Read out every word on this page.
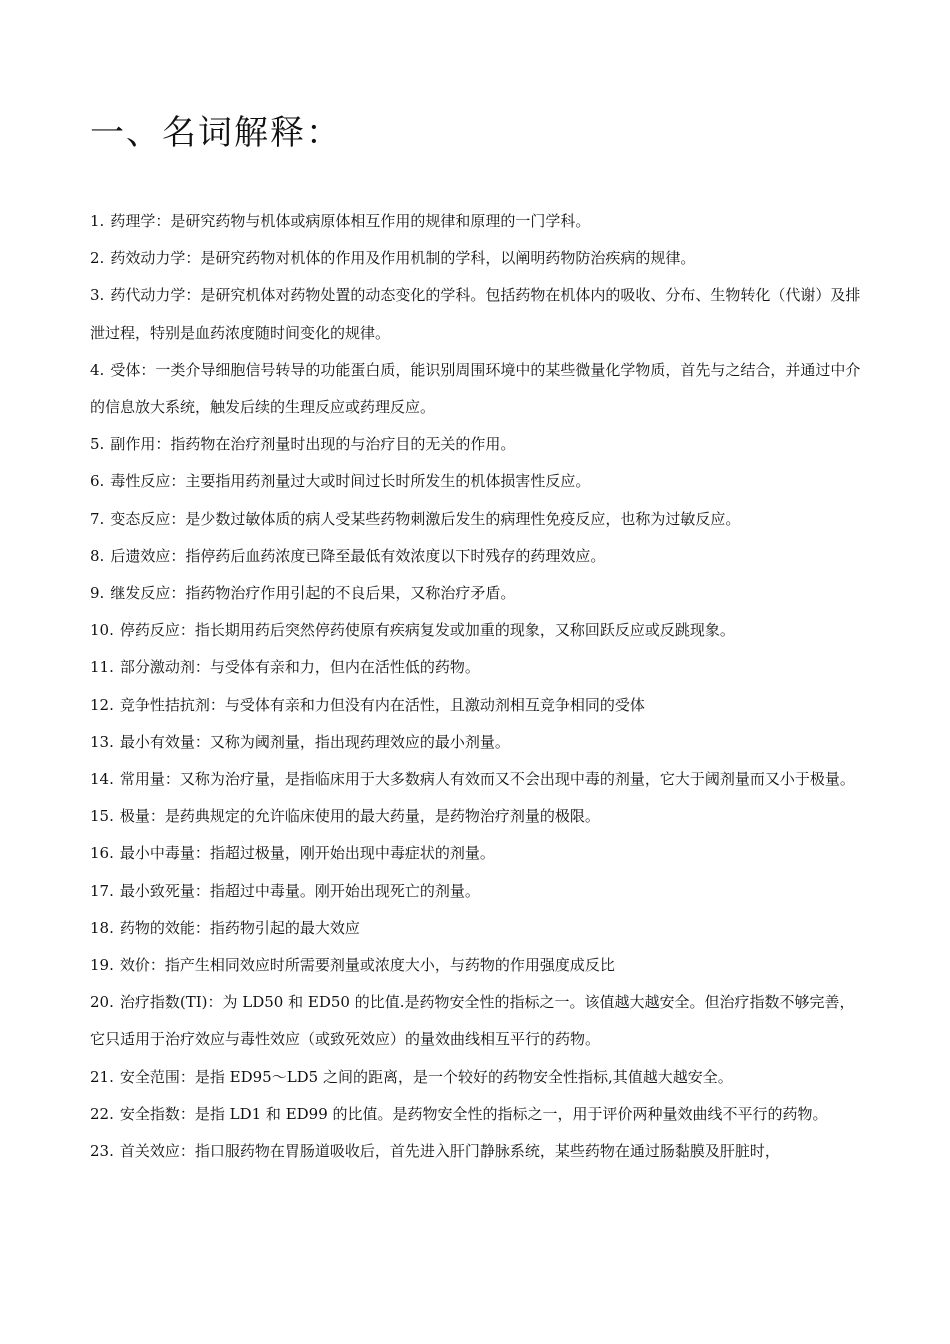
一、名词解释：
1. 药理学：是研究药物与机体或病原体相互作用的规律和原理的一门学科。
2. 药效动力学：是研究药物对机体的作用及作用机制的学科，以阐明药物防治疾病的规律。
3. 药代动力学：是研究机体对药物处置的动态变化的学科。包括药物在机体内的吸收、分布、生物转化（代谢）及排泄过程，特别是血药浓度随时间变化的规律。
4. 受体：一类介导细胞信号转导的功能蛋白质，能识别周围环境中的某些微量化学物质，首先与之结合，并通过中介的信息放大系统，触发后续的生理反应或药理反应。
5. 副作用：指药物在治疗剂量时出现的与治疗目的无关的作用。
6. 毒性反应：主要指用药剂量过大或时间过长时所发生的机体损害性反应。
7. 变态反应：是少数过敏体质的病人受某些药物刺激后发生的病理性免疫反应，也称为过敏反应。
8. 后遗效应：指停药后血药浓度已降至最低有效浓度以下时残存的药理效应。
9. 继发反应：指药物治疗作用引起的不良后果，又称治疗矛盾。
10. 停药反应：指长期用药后突然停药使原有疾病复发或加重的现象，又称回跃反应或反跳现象。
11. 部分激动剂：与受体有亲和力，但内在活性低的药物。
12. 竞争性拮抗剂：与受体有亲和力但没有内在活性，且激动剂相互竞争相同的受体
13. 最小有效量：又称为阈剂量，指出现药理效应的最小剂量。
14. 常用量：又称为治疗量，是指临床用于大多数病人有效而又不会出现中毒的剂量，它大于阈剂量而又小于极量。
15. 极量：是药典规定的允许临床使用的最大药量，是药物治疗剂量的极限。
16. 最小中毒量：指超过极量，刚开始出现中毒症状的剂量。
17. 最小致死量：指超过中毒量。刚开始出现死亡的剂量。
18. 药物的效能：指药物引起的最大效应
19. 效价：指产生相同效应时所需要剂量或浓度大小，与药物的作用强度成反比
20. 治疗指数(TI)：为 LD50 和 ED50 的比值.是药物安全性的指标之一。该值越大越安全。但治疗指数不够完善，它只适用于治疗效应与毒性效应（或致死效应）的量效曲线相互平行的药物。
21. 安全范围：是指 ED95～LD5 之间的距离，是一个较好的药物安全性指标,其值越大越安全。
22. 安全指数：是指 LD1 和 ED99 的比值。是药物安全性的指标之一，用于评价两种量效曲线不平行的药物。
23. 首关效应：指口服药物在胃肠道吸收后，首先进入肝门静脉系统，某些药物在通过肠黏膜及肝脏时，
